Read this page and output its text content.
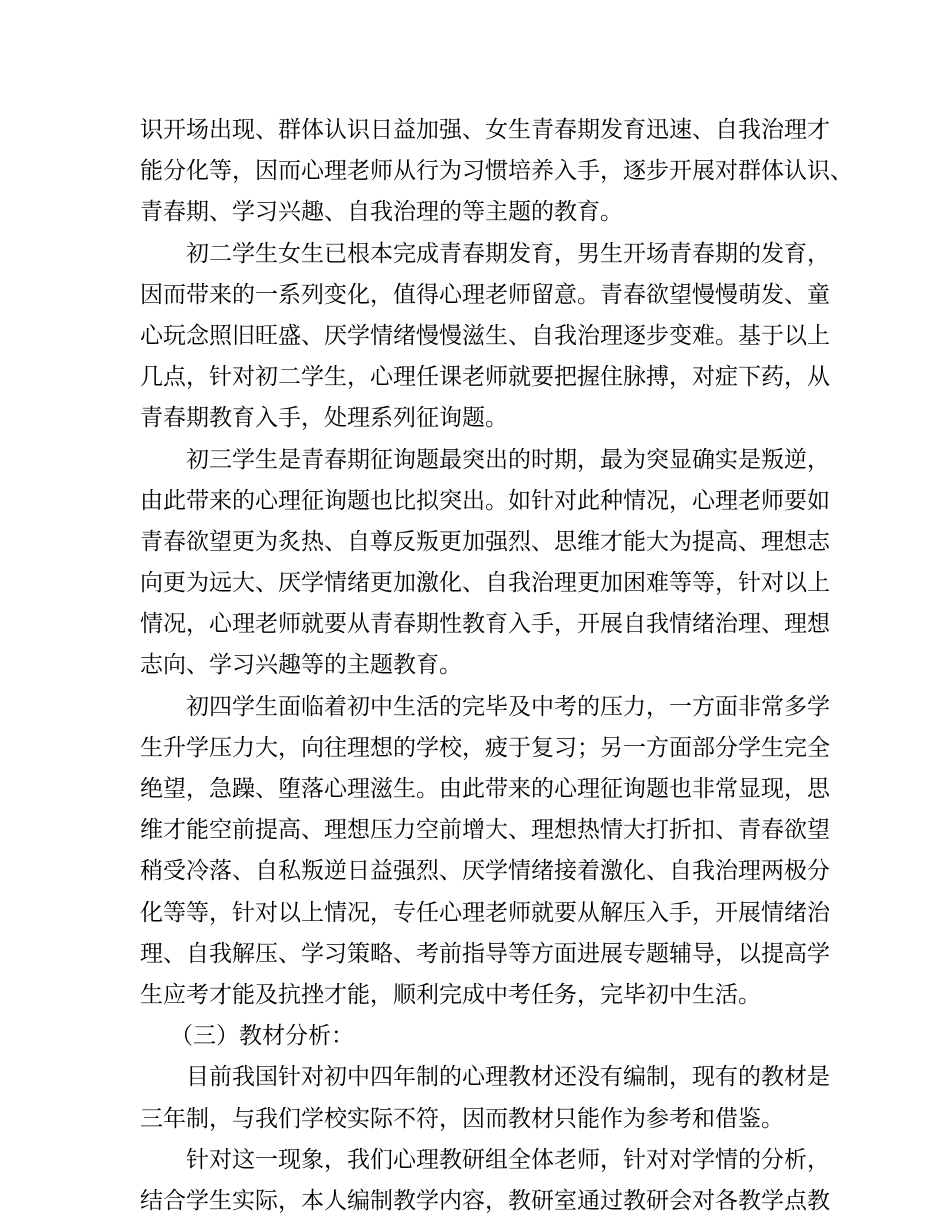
识开场出现、群体认识日益加强、女生青春期发育迅速、自我治理才
能分化等，因而心理老师从行为习惯培养入手，逐步开展对群体认识、
青春期、学习兴趣、自我治理的等主题的教育。
初二学生女生已根本完成青春期发育，男生开场青春期的发育，
因而带来的一系列变化，值得心理老师留意。青春欲望慢慢萌发、童
心玩念照旧旺盛、厌学情绪慢慢滋生、自我治理逐步变难。基于以上
几点，针对初二学生，心理任课老师就要把握住脉搏，对症下药，从
青春期教育入手，处理系列征询题。
初三学生是青春期征询题最突出的时期，最为突显确实是叛逆，
由此带来的心理征询题也比拟突出。如针对此种情况，心理老师要如
青春欲望更为炙热、自尊反叛更加强烈、思维才能大为提高、理想志
向更为远大、厌学情绪更加激化、自我治理更加困难等等，针对以上
情况，心理老师就要从青春期性教育入手，开展自我情绪治理、理想
志向、学习兴趣等的主题教育。
初四学生面临着初中生活的完毕及中考的压力，一方面非常多学
生升学压力大，向往理想的学校，疲于复习；另一方面部分学生完全
绝望，急躁、堕落心理滋生。由此带来的心理征询题也非常显现，思
维才能空前提高、理想压力空前增大、理想热情大打折扣、青春欲望
稍受冷落、自私叛逆日益强烈、厌学情绪接着激化、自我治理两极分
化等等，针对以上情况，专任心理老师就要从解压入手，开展情绪治
理、自我解压、学习策略、考前指导等方面进展专题辅导，以提高学
生应考才能及抗挫才能，顺利完成中考任务，完毕初中生活。
（三）教材分析：
目前我国针对初中四年制的心理教材还没有编制，现有的教材是
三年制，与我们学校实际不符，因而教材只能作为参考和借鉴。
针对这一现象，我们心理教研组全体老师，针对对学情的分析，
结合学生实际，本人编制教学内容，教研室通过教研会对各教学点教
